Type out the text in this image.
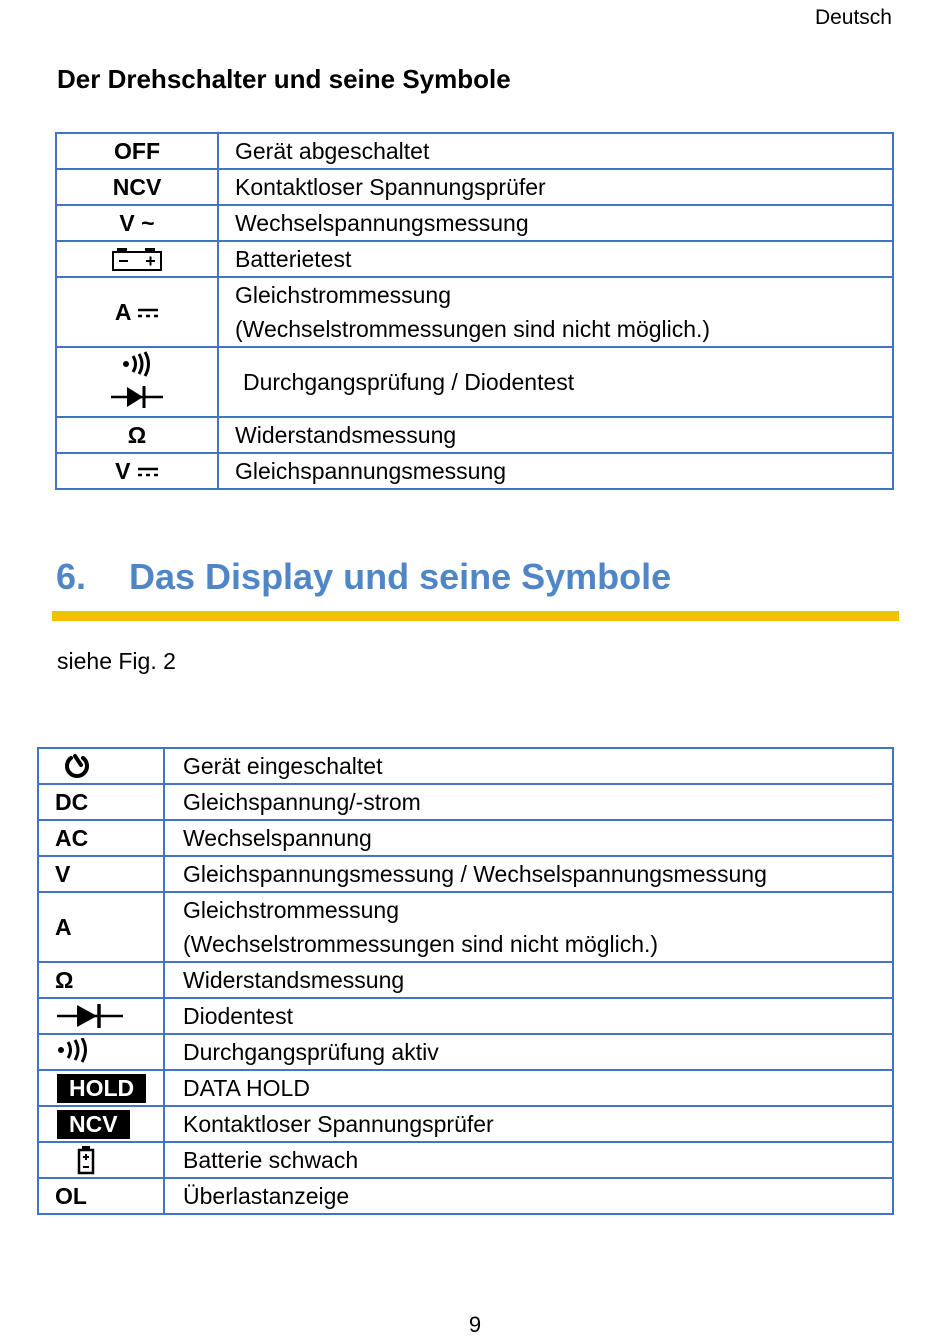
Deutsch
Der Drehschalter und seine Symbole
OFF	Gerät abgeschaltet
NCV	Kontaktloser Spannungsprüfer
V ~	Wechselspannungsmessung
	Batterietest
A	Gleichstrommessung
(Wechselstrommessungen sind nicht möglich.)

	Durchgangsprüfung / Diodentest
Ω	Widerstandsmessung
V	Gleichspannungsmessung
6. Das Display und seine Symbole
siehe Fig. 2
	Gerät eingeschaltet
DC	Gleichspannung/-strom
AC	Wechselspannung
V	Gleichspannungsmessung / Wechselspannungsmessung
A	Gleichstrommessung
(Wechselstrommessungen sind nicht möglich.)

Ω	Widerstandsmessung
	Diodentest
	Durchgangsprüfung aktiv
HOLD	DATA HOLD
NCV	Kontaktloser Spannungsprüfer
	Batterie schwach
OL	Überlastanzeige
9
